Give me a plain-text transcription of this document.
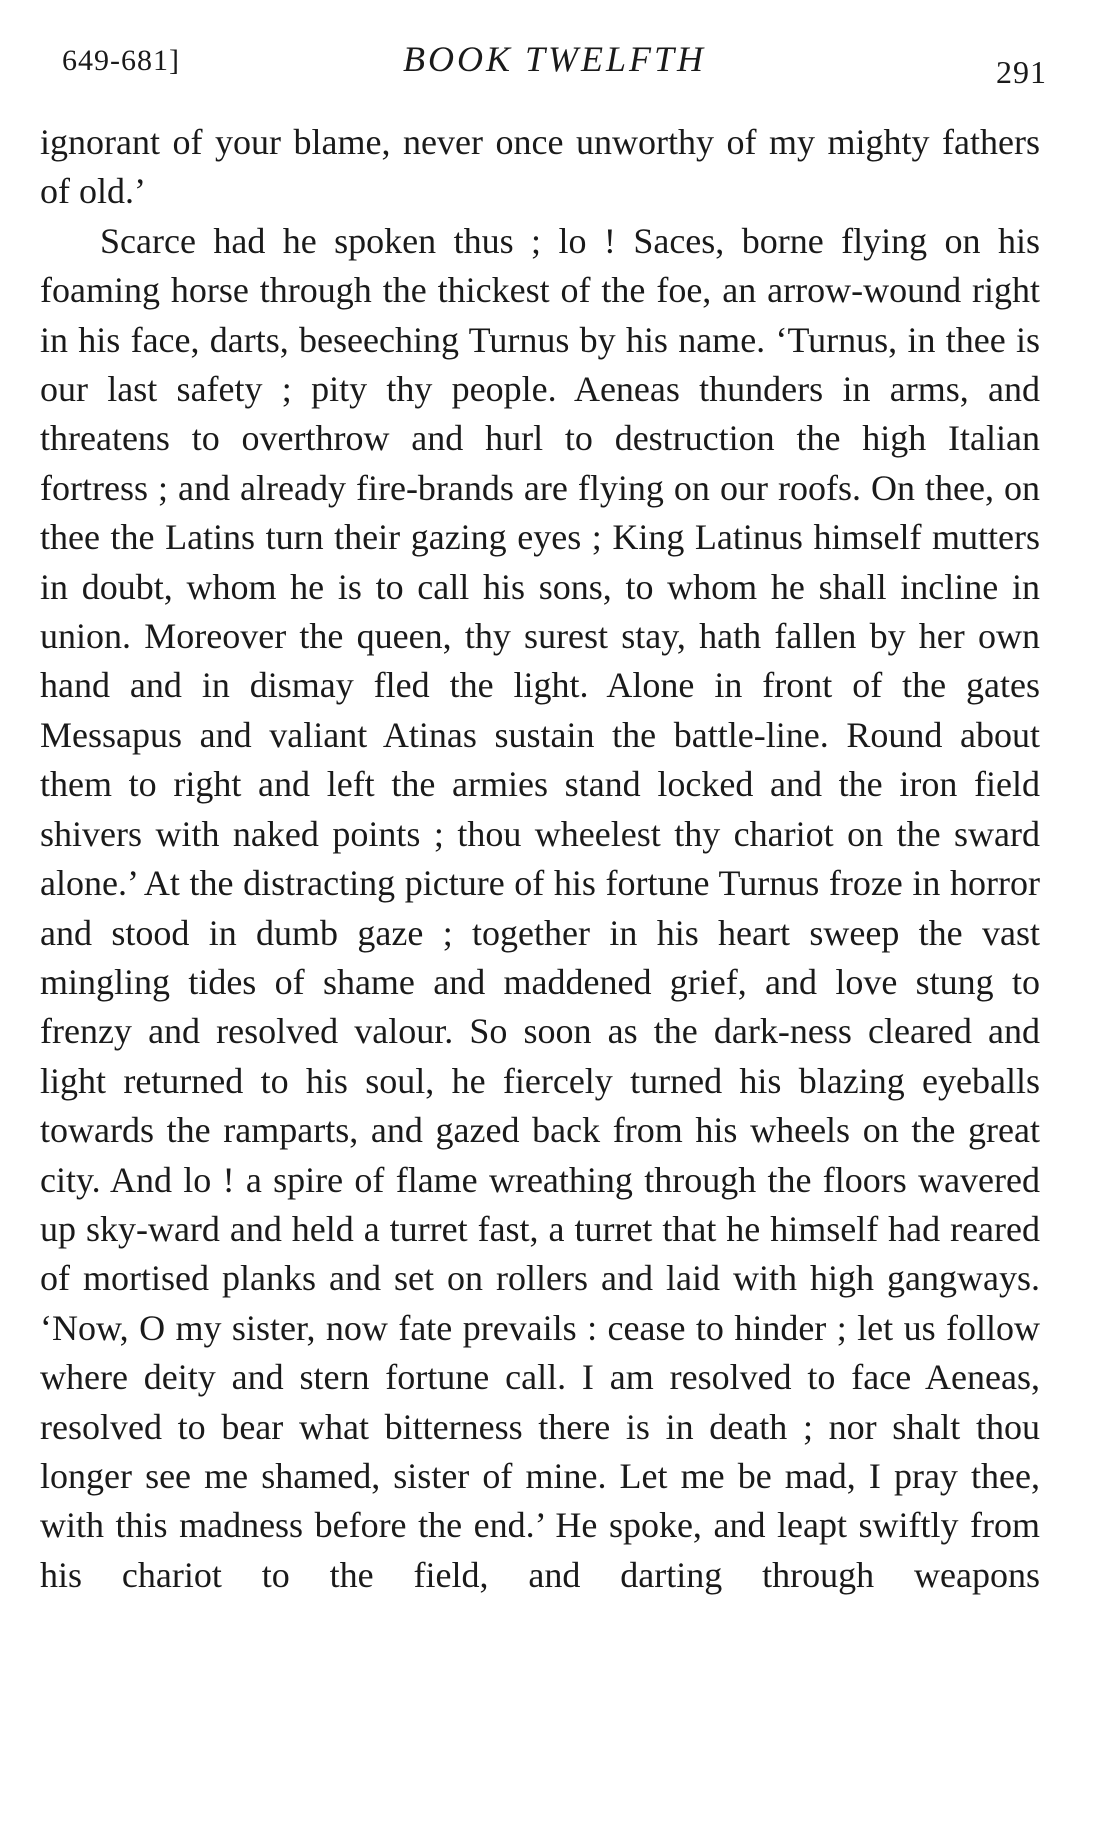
649-681]	BOOK TWELFTH	291

ignorant of your blame, never once unworthy of my mighty fathers of old.’

Scarce had he spoken thus ; lo ! Saces, borne flying on his foaming horse through the thickest of the foe, an arrow-wound right in his face, darts, beseeching Turnus by his name. ‘Turnus, in thee is our last safety ; pity thy people. Aeneas thunders in arms, and threatens to overthrow and hurl to destruction the high Italian fortress ; and already fire-brands are flying on our roofs. On thee, on thee the Latins turn their gazing eyes ; King Latinus himself mutters in doubt, whom he is to call his sons, to whom he shall incline in union. Moreover the queen, thy surest stay, hath fallen by her own hand and in dismay fled the light. Alone in front of the gates Messapus and valiant Atinas sustain the battle-line. Round about them to right and left the armies stand locked and the iron field shivers with naked points ; thou wheelest thy chariot on the sward alone.’ At the distracting picture of his fortune Turnus froze in horror and stood in dumb gaze ; together in his heart sweep the vast mingling tides of shame and maddened grief, and love stung to frenzy and resolved valour. So soon as the dark-ness cleared and light returned to his soul, he fiercely turned his blazing eyeballs towards the ramparts, and gazed back from his wheels on the great city. And lo ! a spire of flame wreathing through the floors wavered up sky-ward and held a turret fast, a turret that he himself had reared of mortised planks and set on rollers and laid with high gangways. ‘Now, O my sister, now fate prevails : cease to hinder ; let us follow where deity and stern fortune call. I am resolved to face Aeneas, resolved to bear what bitterness there is in death ; nor shalt thou longer see me shamed, sister of mine. Let me be mad, I pray thee, with this madness before the end.’ He spoke, and leapt swiftly from his chariot to the field, and darting through weapons
